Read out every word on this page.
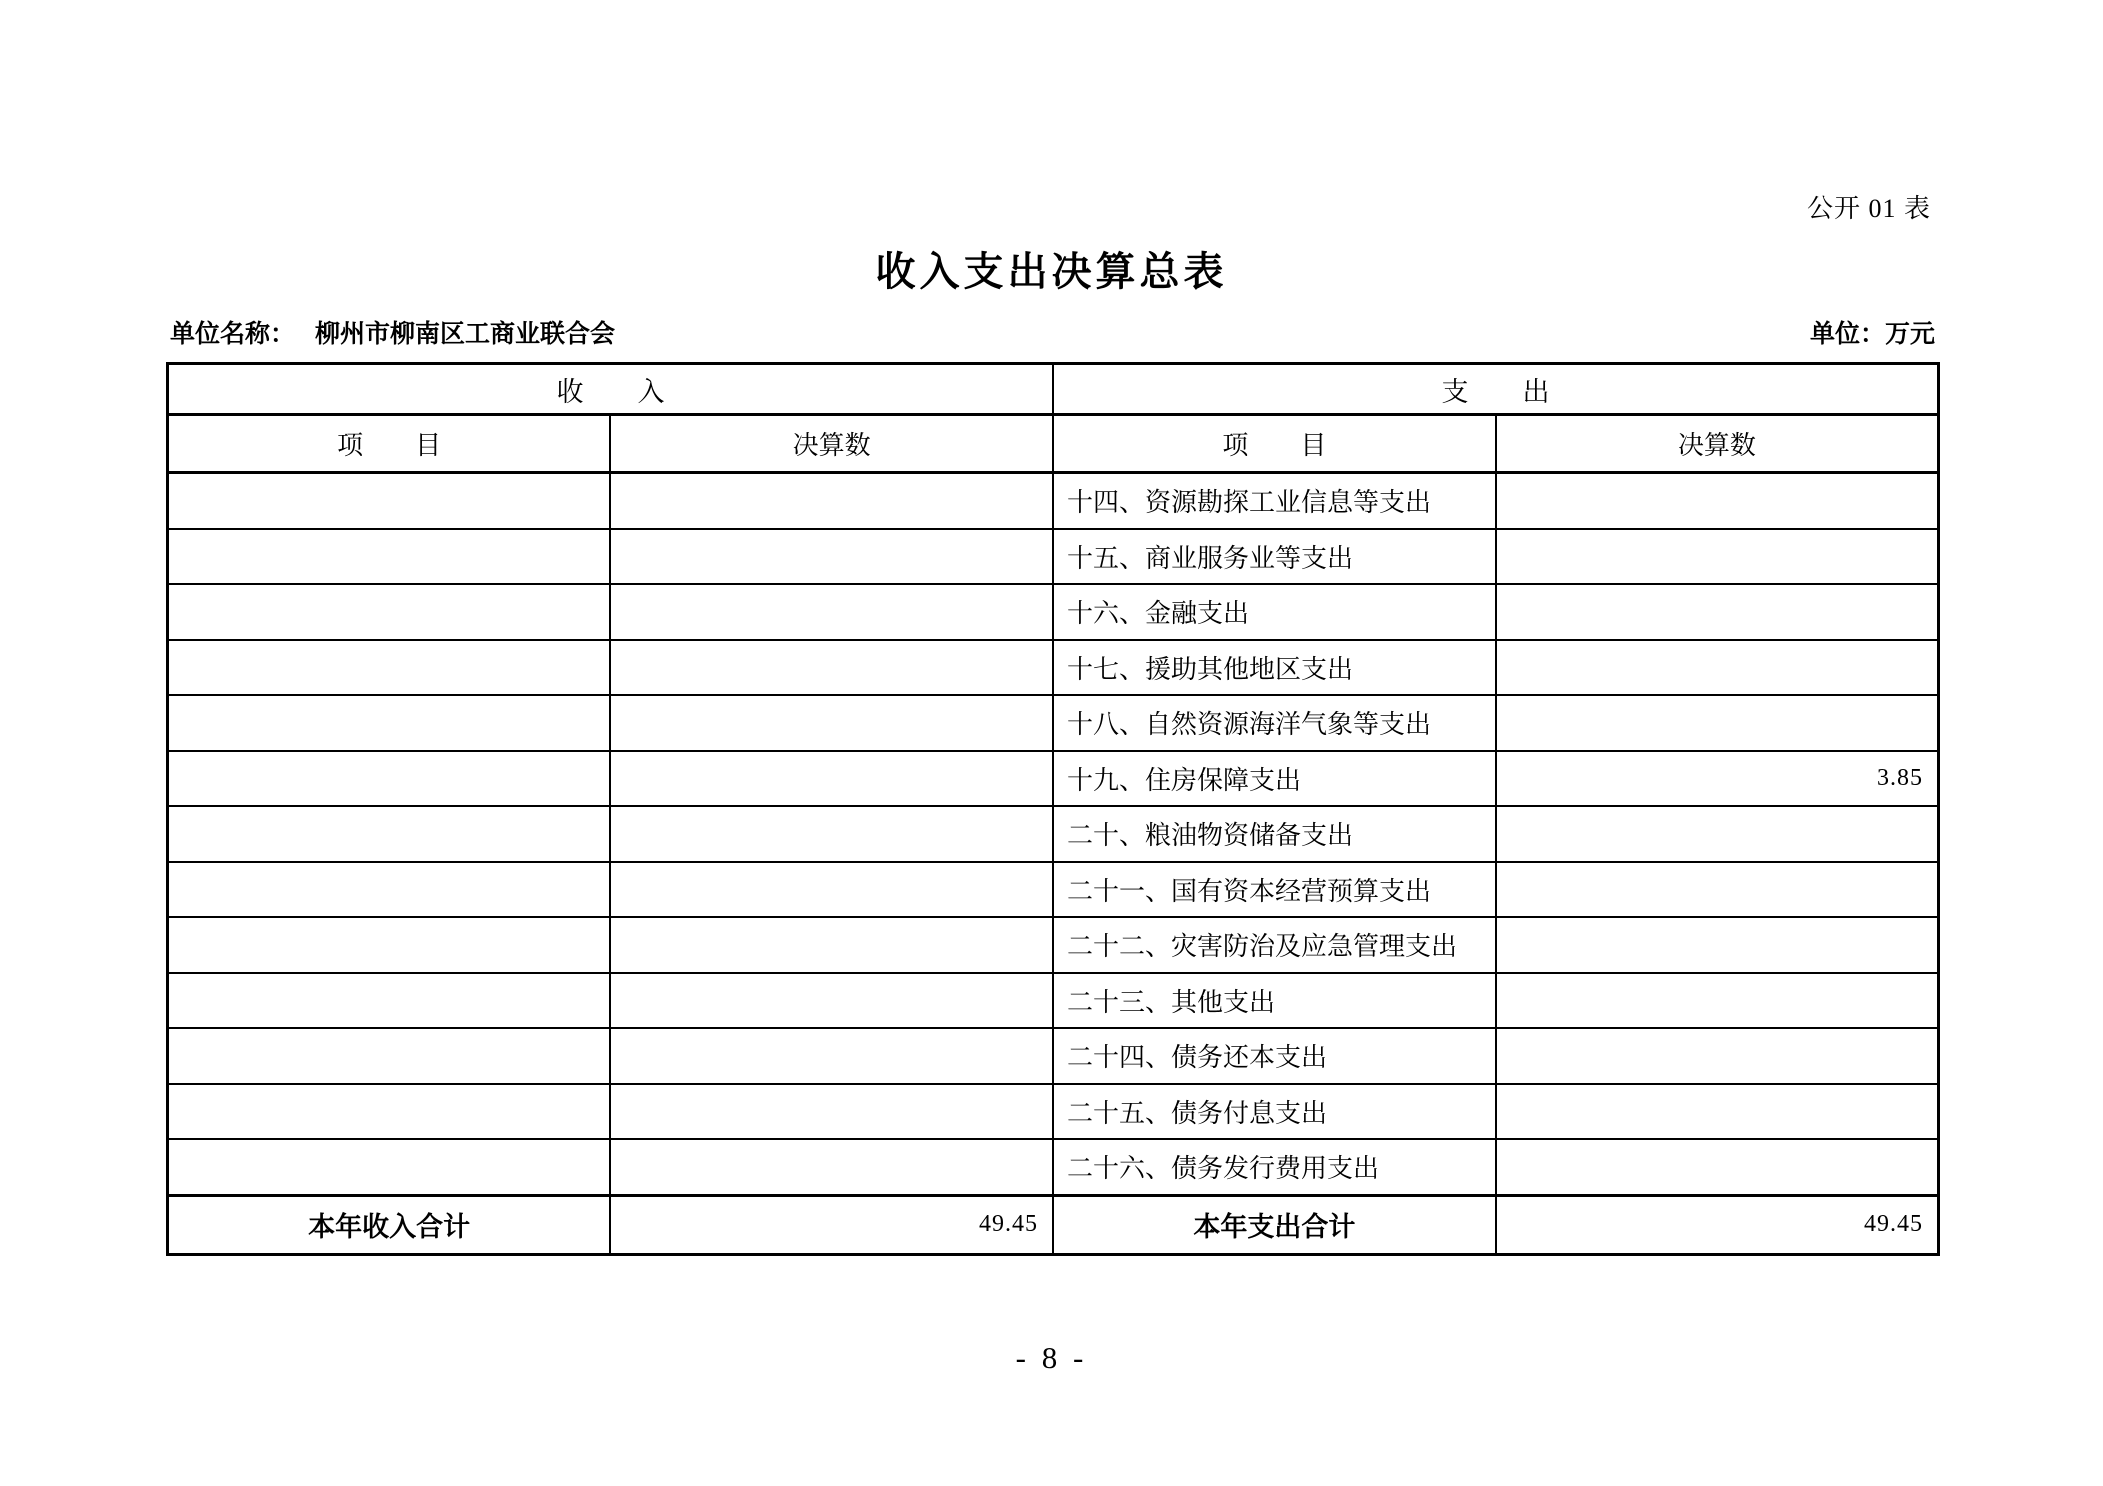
公开 01 表
收入支出决算总表
单位名称： 柳州市柳南区工商业联合会	单位：万元
收　　入		支　　出	
项　　目	决算数	项　　目	决算数
		十四、资源勘探工业信息等支出	
		十五、商业服务业等支出	
		十六、金融支出	
		十七、援助其他地区支出	
		十八、自然资源海洋气象等支出	
		十九、住房保障支出	3.85
		二十、粮油物资储备支出	
		二十一、国有资本经营预算支出	
		二十二、灾害防治及应急管理支出	
		二十三、其他支出	
		二十四、债务还本支出	
		二十五、债务付息支出	
		二十六、债务发行费用支出	
本年收入合计	49.45	本年支出合计	49.45
- 8 -
